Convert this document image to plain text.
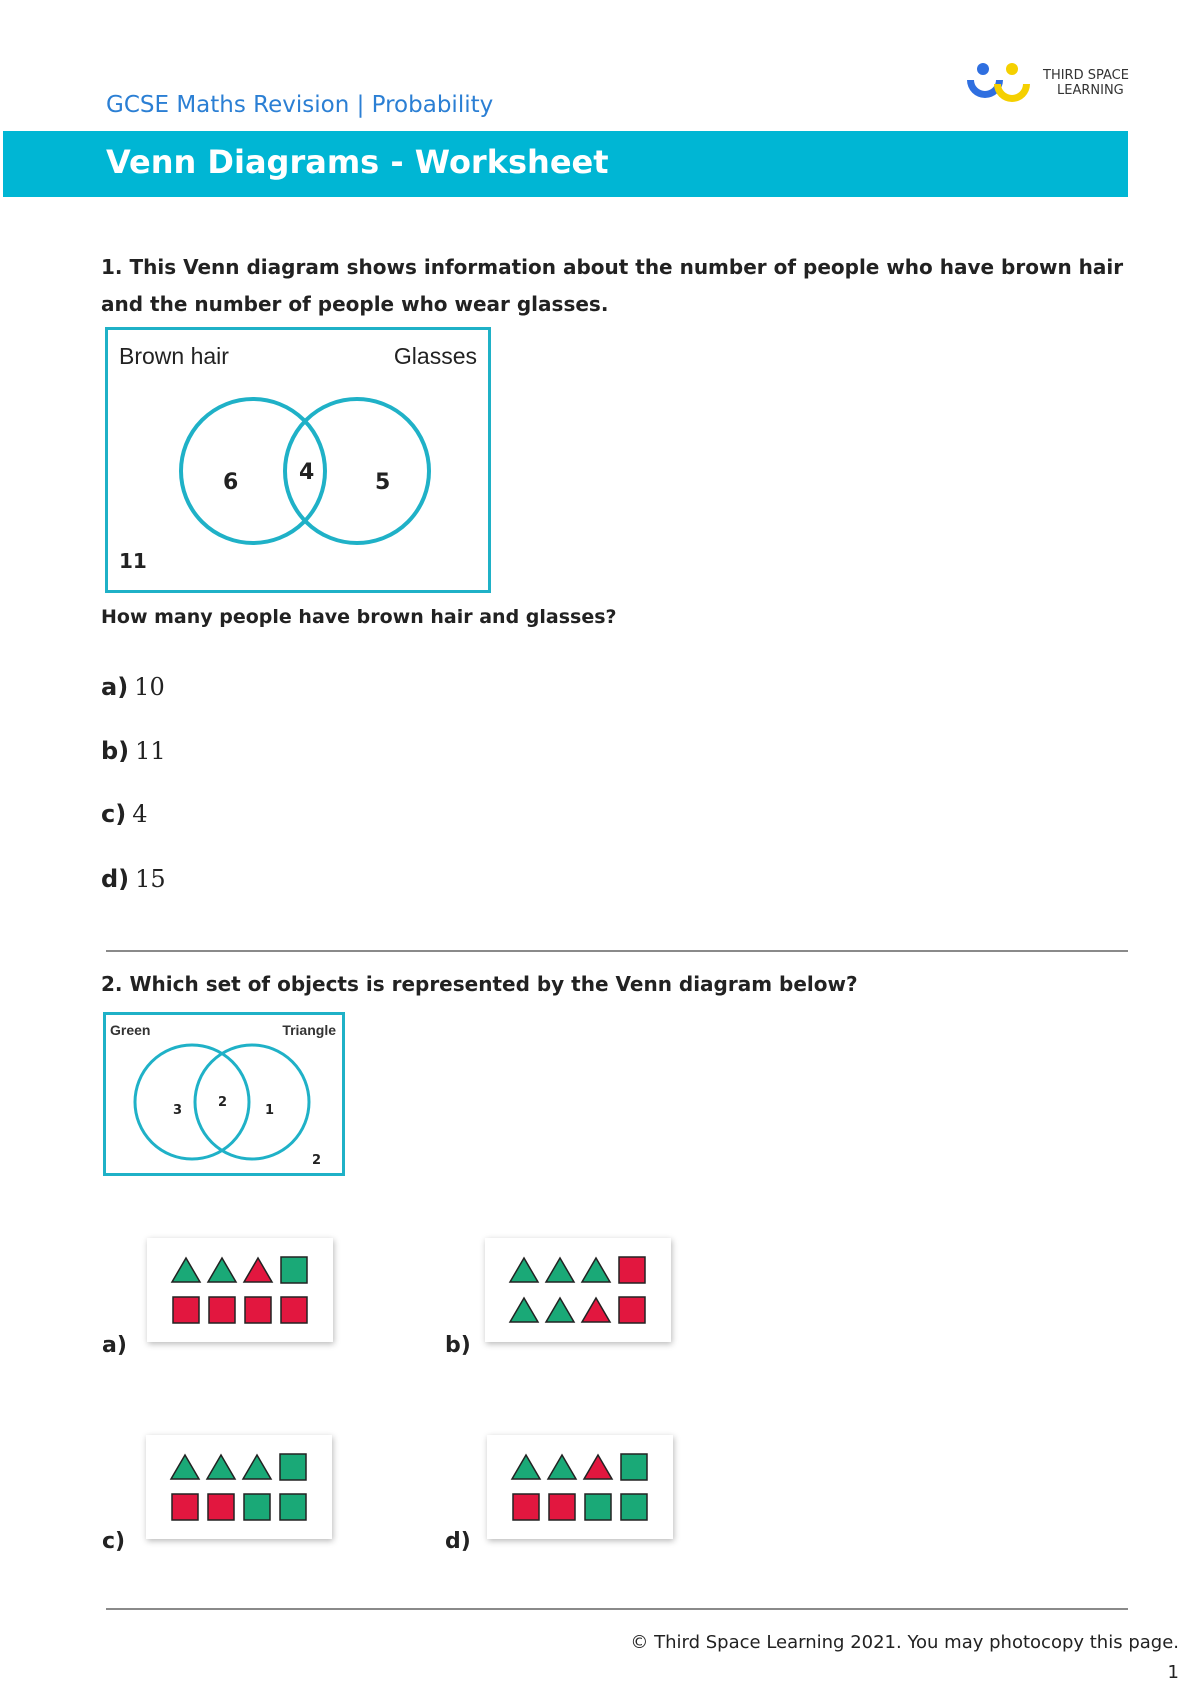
THIRD SPACE
LEARNING
GCSE Maths Revision | Probability
Venn Diagrams - Worksheet
1. This Venn diagram shows information about the number of people who have brown hair and the number of people who wear glasses.
Brown hair	Glasses
6	4	5
11
How many people have brown hair and glasses?
a) 10
b) 11
c) 4
d) 15
2. Which set of objects is represented by the Venn diagram below?
Green	Triangle
3
2
1
2
a)	b)
c)	d)
© Third Space Learning 2021. You may photocopy this page.
1
